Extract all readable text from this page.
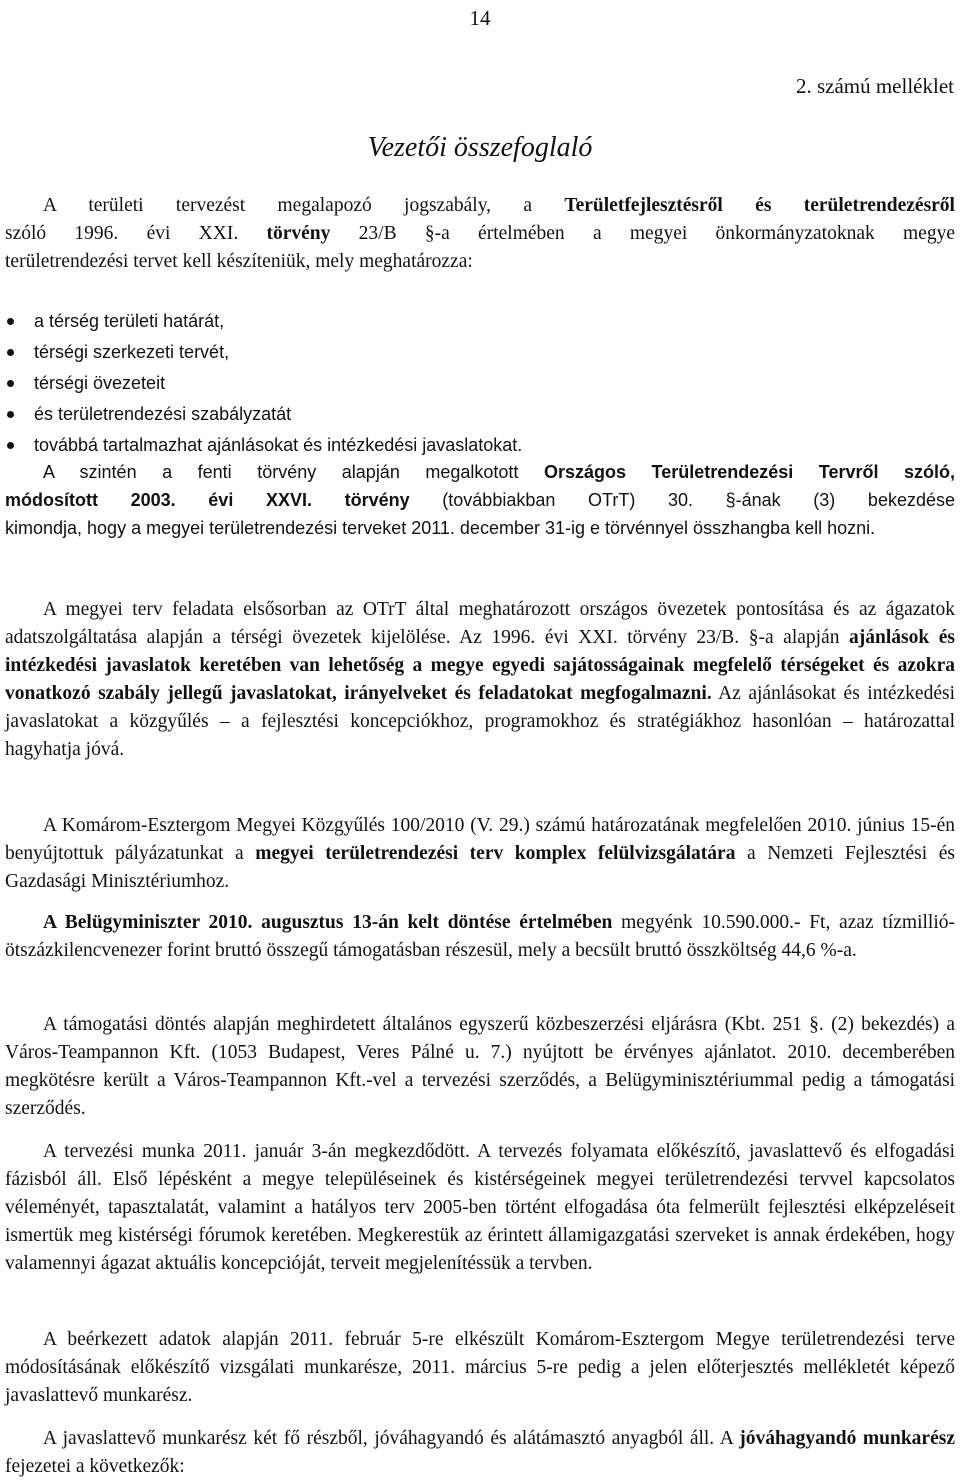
14
2. számú melléklet
Vezetői összefoglaló
A területi tervezést megalapozó jogszabály, a Területfejlesztésről és területrendezésről
szóló 1996. évi XXI. törvény 23/B §-a értelmében a megyei önkormányzatoknak megye
területrendezési tervet kell készíteniük, mely meghatározza:
a térség területi határát,
térségi szerkezeti tervét,
térségi övezeteit
és területrendezési szabályzatát
továbbá tartalmazhat ajánlásokat és intézkedési javaslatokat.
A szintén a fenti törvény alapján megalkotott Országos Területrendezési Tervről szóló,
módosított 2003. évi XXVI. törvény (továbbiakban OTrT) 30. §-ának (3) bekezdése
kimondja, hogy a megyei területrendezési terveket 2011. december 31-ig e törvénnyel összhangba kell hozni.
A megyei terv feladata elsősorban az OTrT által meghatározott országos övezetek pontosítása és az ágazatok adatszolgáltatása alapján a térségi övezetek kijelölése. Az 1996. évi XXI. törvény 23/B. §-a alapján ajánlások és intézkedési javaslatok keretében van lehetőség a megye egyedi sajátosságainak megfelelő térségeket és azokra vonatkozó szabály jellegű javaslatokat, irányelveket és feladatokat megfogalmazni. Az ajánlásokat és intézkedési javaslatokat a közgyűlés – a fejlesztési koncepciókhoz, programokhoz és stratégiákhoz hasonlóan – határozattal hagyhatja jóvá.
A Komárom-Esztergom Megyei Közgyűlés 100/2010 (V. 29.) számú határozatának megfelelően 2010. június 15-én benyújtottuk pályázatunkat a megyei területrendezési terv komplex felülvizsgálatára a Nemzeti Fejlesztési és Gazdasági Minisztériumhoz.
A Belügyminiszter 2010. augusztus 13-án kelt döntése értelmében megyénk 10.590.000.- Ft, azaz tízmillió-ötszázkilencvenezer forint bruttó összegű támogatásban részesül, mely a becsült bruttó összköltség 44,6 %-a.
A támogatási döntés alapján meghirdetett általános egyszerű közbeszerzési eljárásra (Kbt. 251 §. (2) bekezdés) a Város-Teampannon Kft. (1053 Budapest, Veres Pálné u. 7.) nyújtott be érvényes ajánlatot. 2010. decemberében megkötésre került a Város-Teampannon Kft.-vel a tervezési szerződés, a Belügyminisztériummal pedig a támogatási szerződés.
A tervezési munka 2011. január 3-án megkezdődött. A tervezés folyamata előkészítő, javaslattevő és elfogadási fázisból áll. Első lépésként a megye településeinek és kistérségeinek megyei területrendezési tervvel kapcsolatos véleményét, tapasztalatát, valamint a hatályos terv 2005-ben történt elfogadása óta felmerült fejlesztési elképzeléseit ismertük meg kistérségi fórumok keretében. Megkerestük az érintett államigazgatási szerveket is annak érdekében, hogy valamennyi ágazat aktuális koncepcióját, terveit megjelenítéssük a tervben.
A beérkezett adatok alapján 2011. február 5-re elkészült Komárom-Esztergom Megye területrendezési terve módosításának előkészítő vizsgálati munkarésze, 2011. március 5-re pedig a jelen előterjesztés mellékletét képező javaslattevő munkarész.
A javaslattevő munkarész két fő részből, jóváhagyandó és alátámasztó anyagból áll. A jóváhagyandó munkarész fejezetei a következők:
